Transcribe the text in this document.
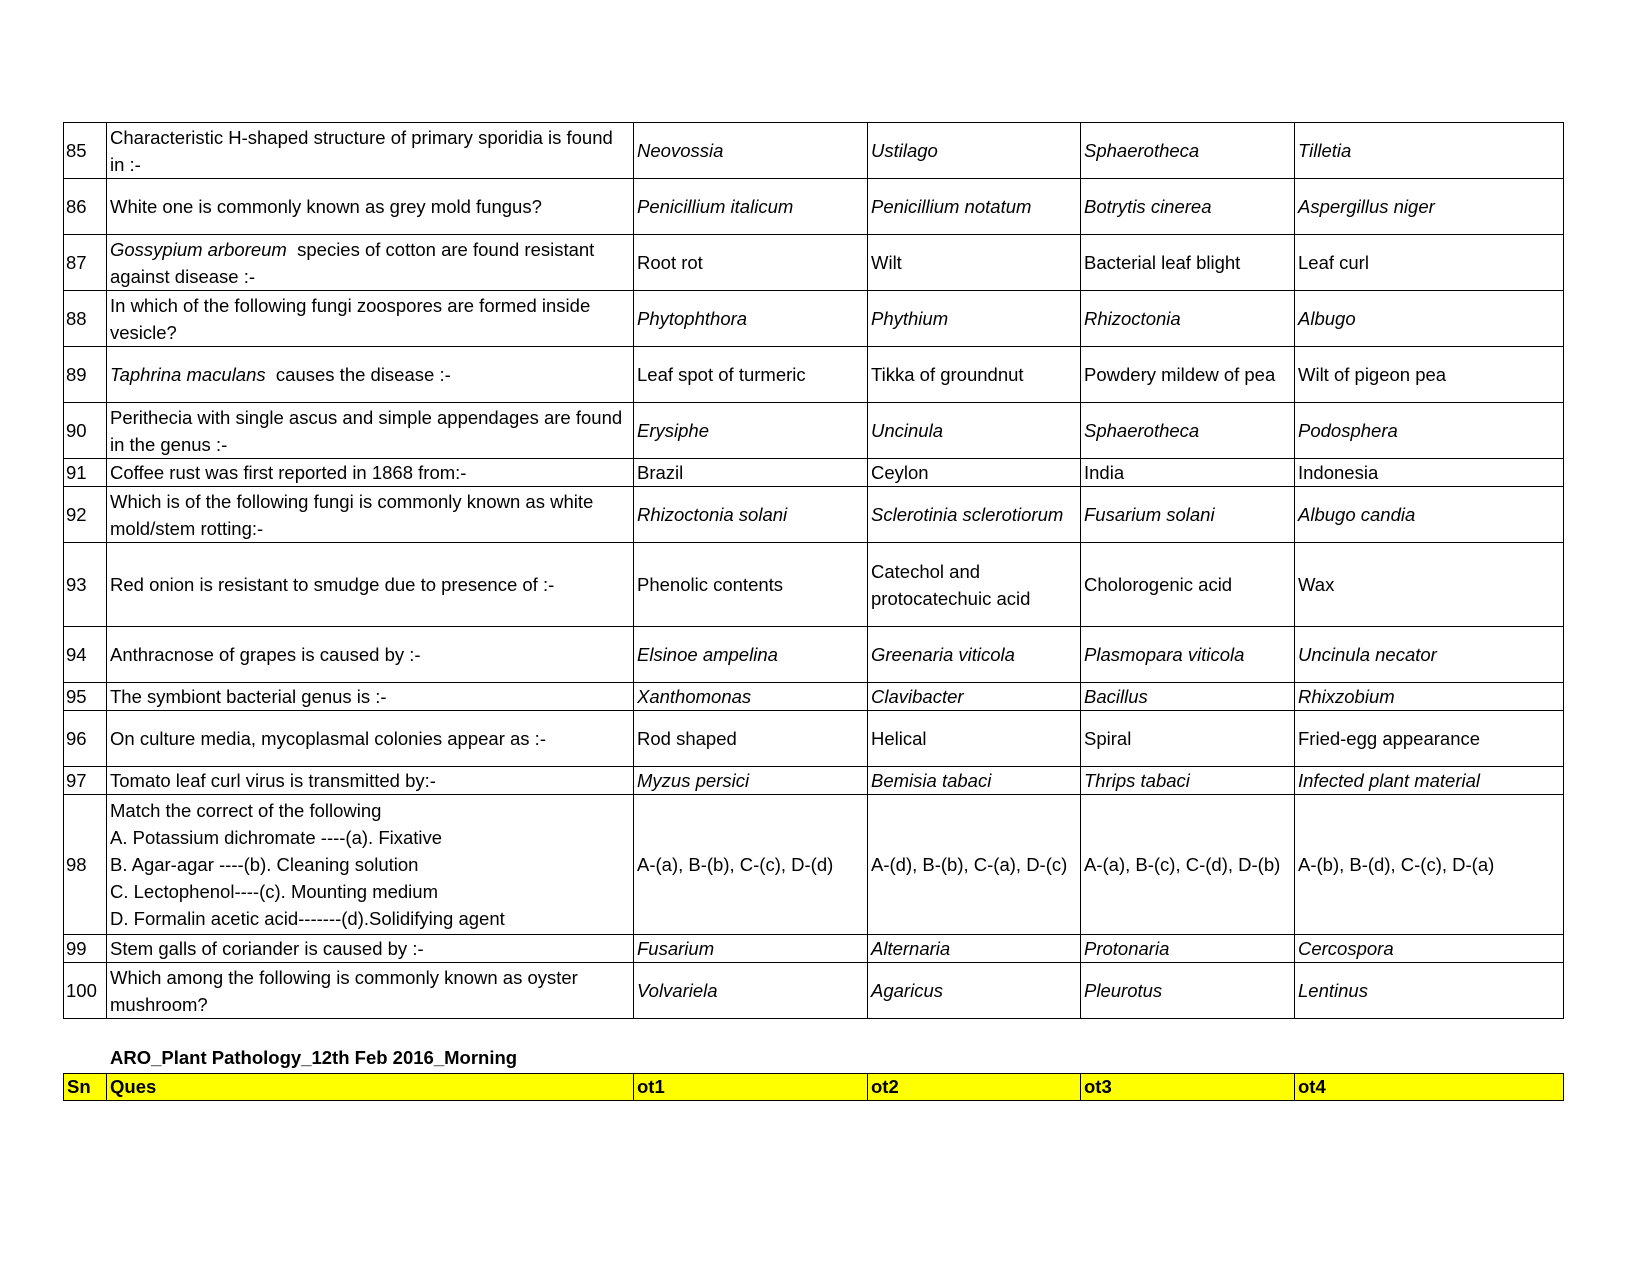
85	Characteristic H-shaped structure of primary sporidia is found in :-	Neovossia	Ustilago	Sphaerotheca	Tilletia
86	White one is commonly known as grey mold fungus?	Penicillium italicum	Penicillium notatum	Botrytis cinerea	Aspergillus niger
87	Gossypium arboreum  species of cotton are found resistant against disease :-	Root rot	Wilt	Bacterial leaf blight	Leaf curl
88	In which of the following fungi zoospores are formed inside vesicle?	Phytophthora	Phythium	Rhizoctonia	Albugo
89	Taphrina maculans  causes the disease :-	Leaf spot of turmeric	Tikka of groundnut	Powdery mildew of pea	Wilt of pigeon pea
90	Perithecia with single ascus and simple appendages are found in the genus :-	Erysiphe	Uncinula	Sphaerotheca	Podosphera
91	Coffee rust was first reported in 1868 from:-	Brazil	Ceylon	India	Indonesia
92	Which is of the following fungi is commonly known as white mold/stem rotting:-	Rhizoctonia solani	Sclerotinia sclerotiorum	Fusarium solani	Albugo candia
93	Red onion is resistant to smudge due to presence of :-	Phenolic contents	Catechol and protocatechuic acid	Cholorogenic acid	Wax
94	Anthracnose of grapes is caused by :-	Elsinoe ampelina	Greenaria viticola	Plasmopara viticola	Uncinula necator
95	The symbiont bacterial genus is :-	Xanthomonas	Clavibacter	Bacillus	Rhixzobium
96	On culture media, mycoplasmal colonies appear as :-	Rod shaped	Helical	Spiral	Fried-egg appearance
97	Tomato leaf curl virus is transmitted by:-	Myzus persici	Bemisia tabaci	Thrips tabaci	Infected plant material
98	Match the correct of the following
A. Potassium dichromate ----(a). Fixative
B. Agar-agar ----(b). Cleaning solution
C. Lectophenol----(c). Mounting medium
D. Formalin acetic acid-------(d).Solidifying agent	A-(a), B-(b), C-(c), D-(d)	A-(d), B-(b), C-(a), D-(c)	A-(a), B-(c), C-(d), D-(b)	A-(b), B-(d), C-(c), D-(a)
99	Stem galls of coriander is caused by :-	Fusarium	Alternaria	Protonaria	Cercospora
100	Which among the following is commonly known as oyster mushroom?	Volvariela	Agaricus	Pleurotus	Lentinus
ARO_Plant Pathology_12th Feb 2016_Morning
Sn	Ques	ot1	ot2	ot3	ot4
